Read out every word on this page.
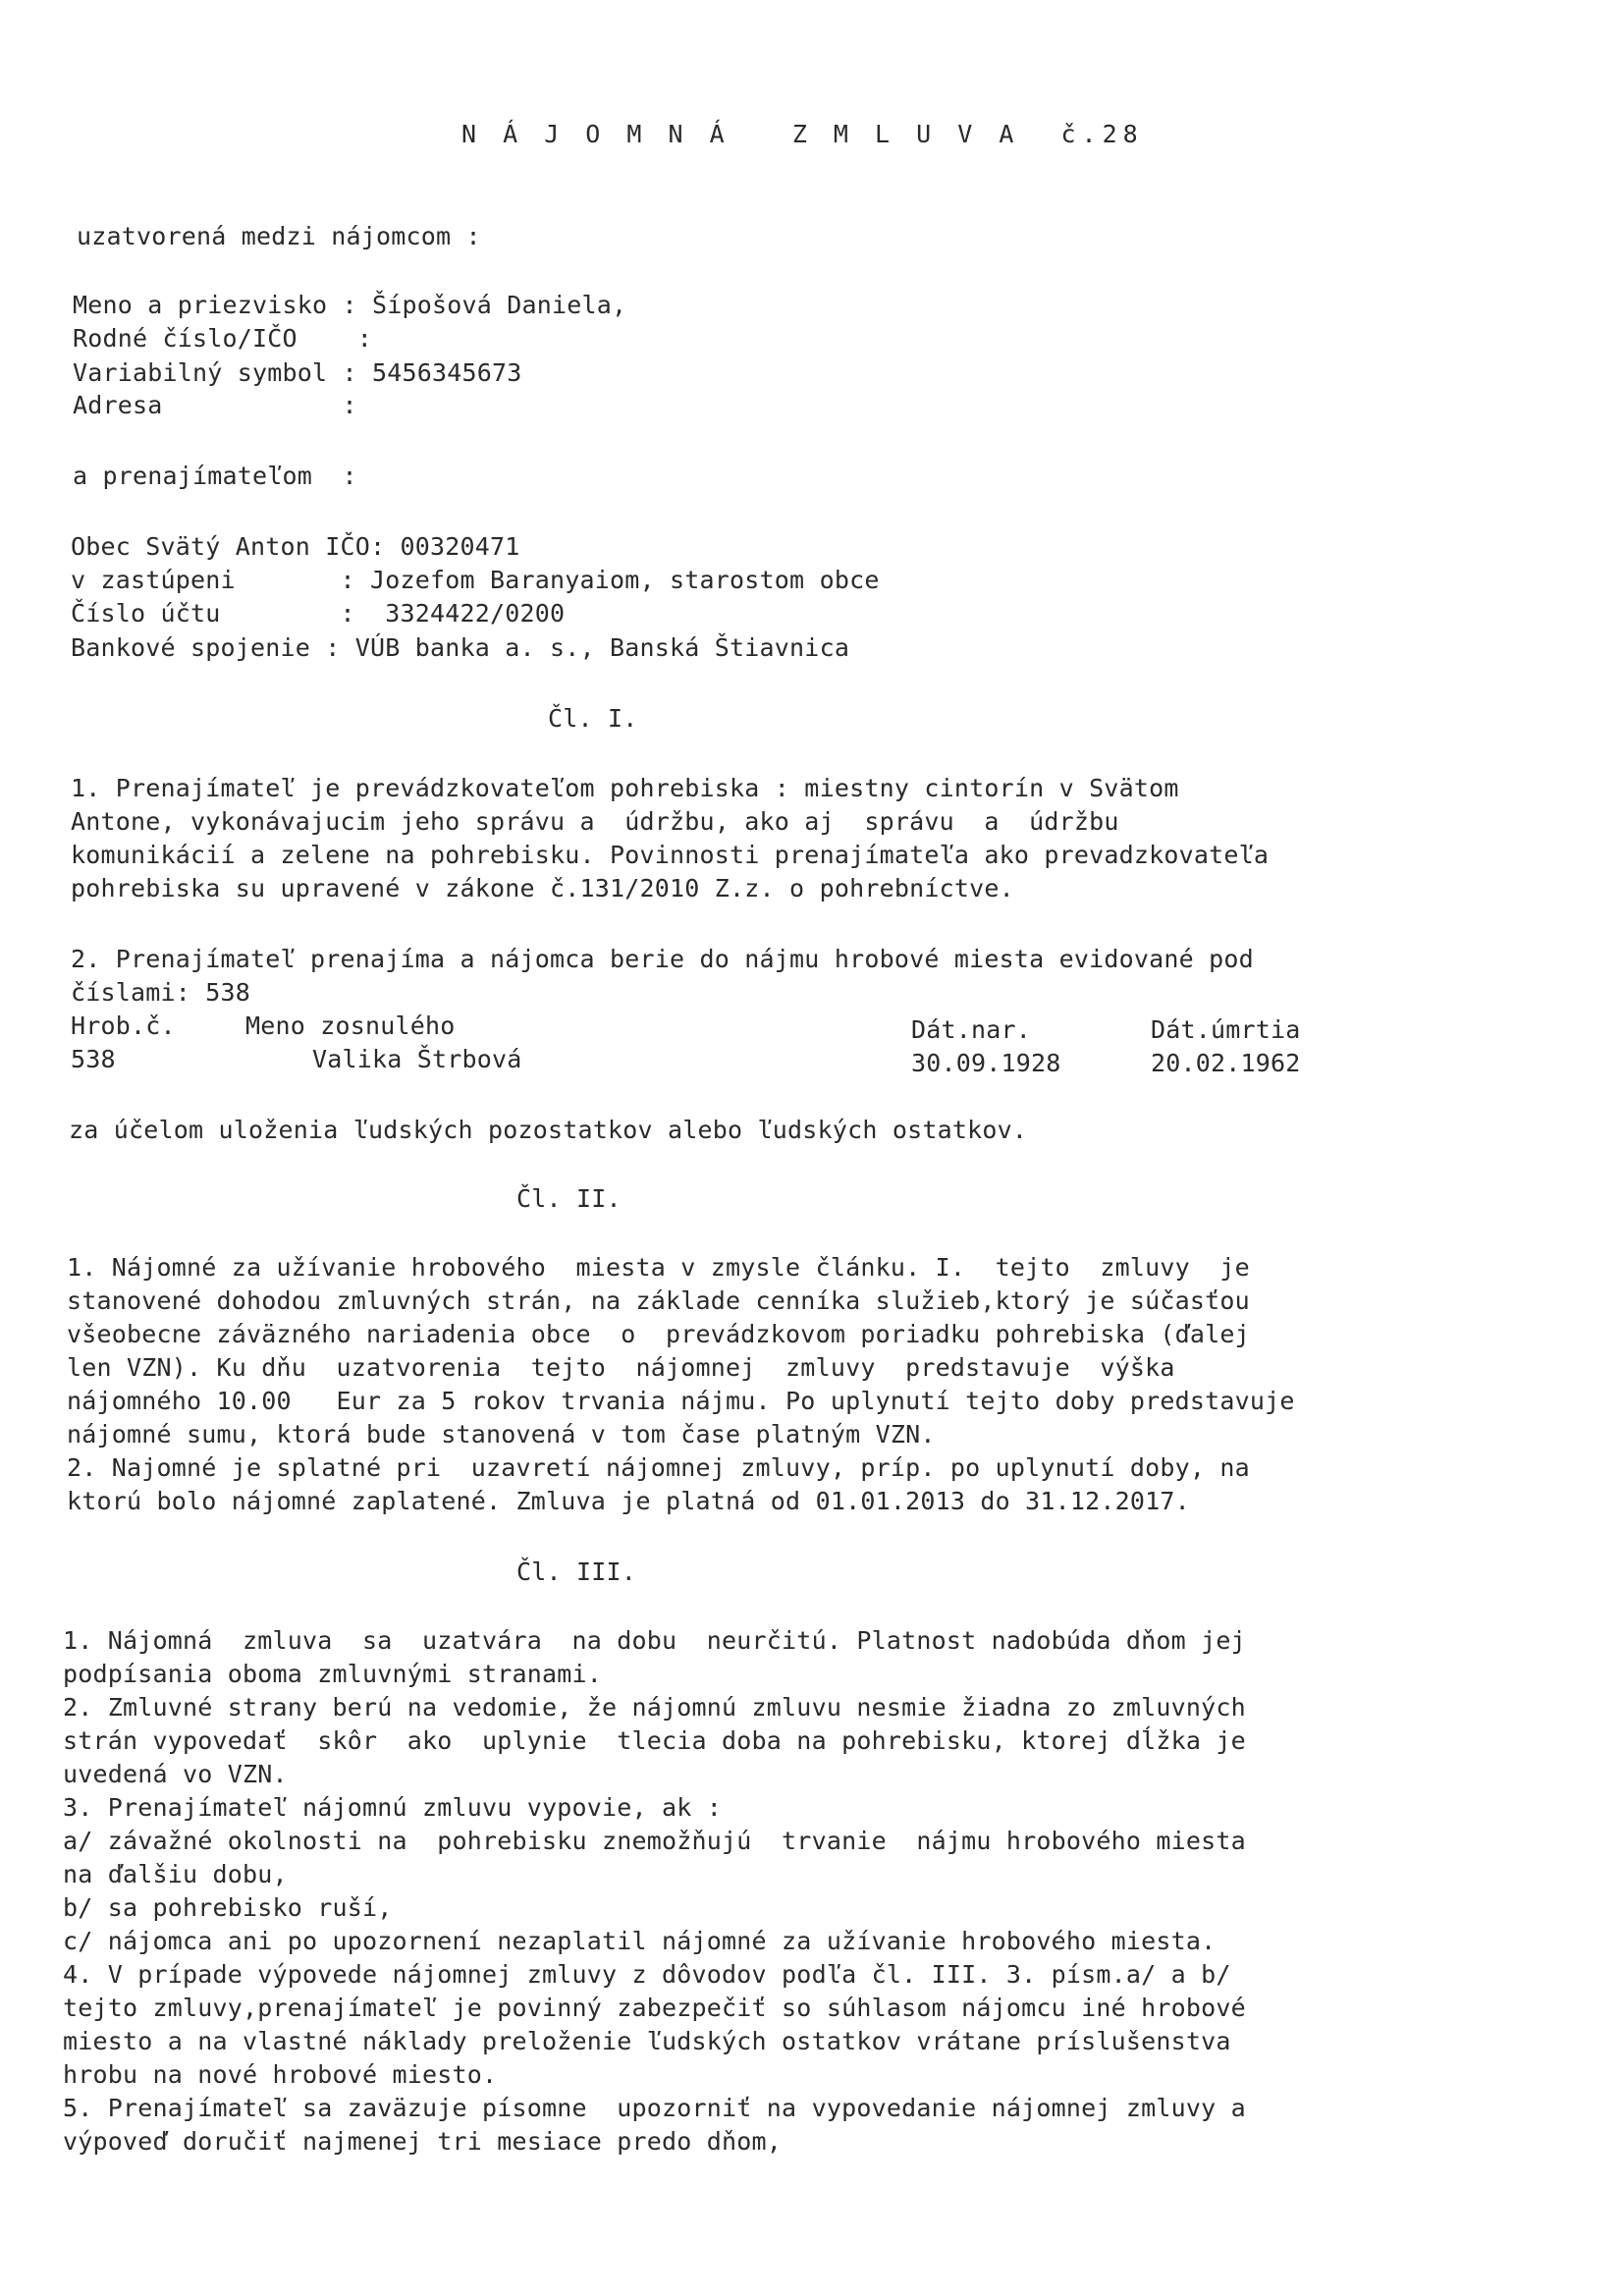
N Á J O M N Á   Z M L U V A  č.28
uzatvorená medzi nájomcom :
Meno a priezvisko : Šípošová Daniela,
Rodné číslo/IČO    :
Variabilný symbol : 5456345673
Adresa            :
a prenajímateľom  :
Obec Svätý Anton IČO: 00320471
v zastúpeni       : Jozefom Baranyaiom, starostom obce
Číslo účtu        :  3324422/0200
Bankové spojenie : VÚB banka a. s., Banská Štiavnica
Čl. I.
1. Prenajímateľ je prevádzkovateľom pohrebiska : miestny cintorín v Svätom
Antone, vykonávajucim jeho správu a  údržbu, ako aj  správu  a  údržbu
komunikácií a zelene na pohrebisku. Povinnosti prenajímateľa ako prevadzkovateľa
pohrebiska su upravené v zákone č.131/2010 Z.z. o pohrebníctve.
2. Prenajímateľ prenajíma a nájomca berie do nájmu hrobové miesta evidované pod
číslami: 538
Hrob.č.	Meno zosnulého	Dát.nar.	Dát.úmrtia
538	Valika Štrbová	30.09.1928	20.02.1962
za účelom uloženia ľudských pozostatkov alebo ľudských ostatkov.
Čl. II.
1. Nájomné za užívanie hrobového  miesta v zmysle článku. I.  tejto  zmluvy  je
stanovené dohodou zmluvných strán, na základe cenníka služieb,ktorý je súčasťou
všeobecne záväzného nariadenia obce  o  prevádzkovom poriadku pohrebiska (ďalej
len VZN). Ku dňu  uzatvorenia  tejto  nájomnej  zmluvy  predstavuje  výška
nájomného 10.00   Eur za 5 rokov trvania nájmu. Po uplynutí tejto doby predstavuje
nájomné sumu, ktorá bude stanovená v tom čase platným VZN.
2. Najomné je splatné pri  uzavretí nájomnej zmluvy, príp. po uplynutí doby, na
ktorú bolo nájomné zaplatené. Zmluva je platná od 01.01.2013 do 31.12.2017.
Čl. III.
1. Nájomná  zmluva  sa  uzatvára  na dobu  neurčitú. Platnost nadobúda dňom jej
podpísania oboma zmluvnými stranami.
2. Zmluvné strany berú na vedomie, že nájomnú zmluvu nesmie žiadna zo zmluvných
strán vypovedať  skôr  ako  uplynie  tlecia doba na pohrebisku, ktorej dĺžka je
uvedená vo VZN.
3. Prenajímateľ nájomnú zmluvu vypovie, ak :
a/ závažné okolnosti na  pohrebisku znemožňujú  trvanie  nájmu hrobového miesta
na ďalšiu dobu,
b/ sa pohrebisko ruší,
c/ nájomca ani po upozornení nezaplatil nájomné za užívanie hrobového miesta.
4. V prípade výpovede nájomnej zmluvy z dôvodov podľa čl. III. 3. písm.a/ a b/
tejto zmluvy,prenajímateľ je povinný zabezpečiť so súhlasom nájomcu iné hrobové
miesto a na vlastné náklady preloženie ľudských ostatkov vrátane príslušenstva
hrobu na nové hrobové miesto.
5. Prenajímateľ sa zaväzuje písomne  upozorniť na vypovedanie nájomnej zmluvy a
výpoveď doručiť najmenej tri mesiace predo dňom,
